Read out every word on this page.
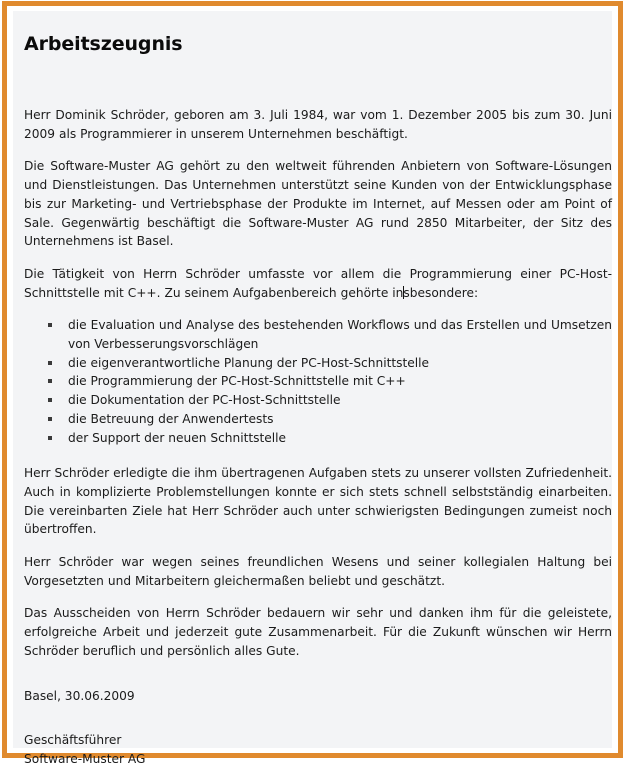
Arbeitszeugnis

Herr Dominik Schröder, geboren am 3. Juli 1984, war vom 1. Dezember 2005 bis zum 30. Juni 2009 als Programmierer in unserem Unternehmen beschäftigt.

Die Software-Muster AG gehört zu den weltweit führenden Anbietern von Software-Lösungen und Dienstleistungen. Das Unternehmen unterstützt seine Kunden von der Entwicklungsphase bis zur Marketing- und Vertriebsphase der Produkte im Internet, auf Messen oder am Point of Sale. Gegenwärtig beschäftigt die Software-Muster AG rund 2850 Mitarbeiter, der Sitz des Unternehmens ist Basel.

Die Tätigkeit von Herrn Schröder umfasste vor allem die Programmierung einer PC-Host-Schnittstelle mit C++. Zu seinem Aufgabenbereich gehörte insbesondere:

die Evaluation und Analyse des bestehenden Workflows und das Erstellen und Umsetzen von Verbesserungsvorschlägen
die eigenverantwortliche Planung der PC-Host-Schnittstelle
die Programmierung der PC-Host-Schnittstelle mit C++
die Dokumentation der PC-Host-Schnittstelle
die Betreuung der Anwendertests
der Support der neuen Schnittstelle

Herr Schröder erledigte die ihm übertragenen Aufgaben stets zu unserer vollsten Zufriedenheit. Auch in komplizierte Problemstellungen konnte er sich stets schnell selbstständig einarbeiten. Die vereinbarten Ziele hat Herr Schröder auch unter schwierigsten Bedingungen zumeist noch übertroffen.

Herr Schröder war wegen seines freundlichen Wesens und seiner kollegialen Haltung bei Vorgesetzten und Mitarbeitern gleichermaßen beliebt und geschätzt.

Das Ausscheiden von Herrn Schröder bedauern wir sehr und danken ihm für die geleistete, erfolgreiche Arbeit und jederzeit gute Zusammenarbeit. Für die Zukunft wünschen wir Herrn Schröder beruflich und persönlich alles Gute.

Basel, 30.06.2009

Geschäftsführer

Software-Muster AG
